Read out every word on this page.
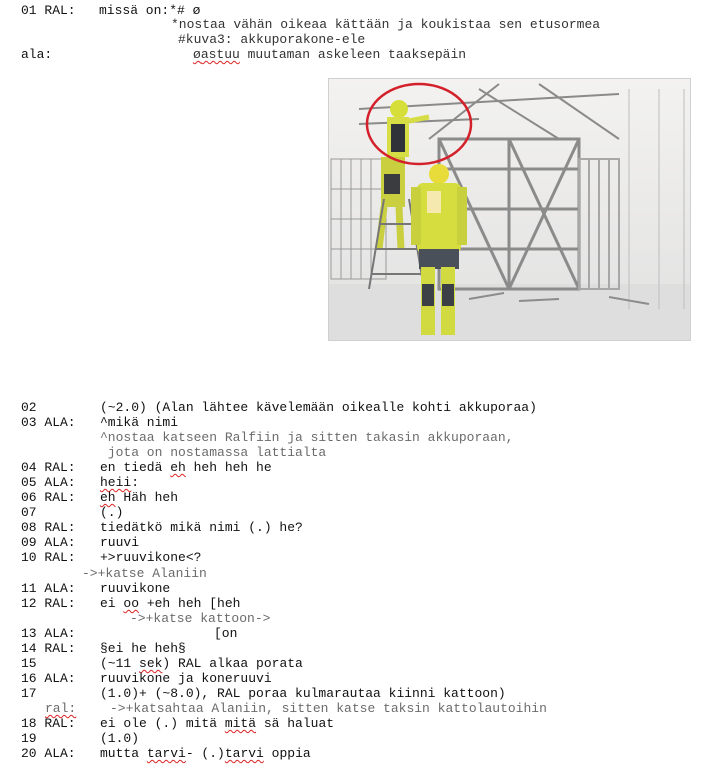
01 RAL: missä on:*# ø
*nostaa vähän oikeaa kättään ja koukistaa sen etusormea
#kuva3: akkuporakone-ele
ala:	øastuu muutaman askeleen taaksepäin
02	(~2.0) (Alan lähtee kävelemään oikealle kohti akkuporaa)
03 ALA: ^mikä nimi
^nostaa katseen Ralfiin ja sitten takasin akkuporaan,
jota on nostamassa lattialta
04 RAL: en tiedä eh heh heh he
05 ALA: heii:
06 RAL: eh Häh heh
07	(.)
08 RAL: tiedätkö mikä nimi (.) he?
09 ALA: ruuvi
10 RAL: +>ruuvikone<?
->+katse Alaniin
11 ALA: ruuvikone
12 RAL: ei oo +eh heh [heh
->+katse kattoon->
13 ALA:	[on
14 RAL: §ei he heh§
15	(~11 sek) RAL alkaa porata
16 ALA: ruuvikone ja koneruuvi
17	(1.0)+ (~8.0), RAL poraa kulmarautaa kiinni kattoon)
ral:	->+katsahtaa Alaniin, sitten katse taksin kattolautoihin
18 RAL: ei ole (.) mitä mitä sä haluat
19	(1.0)
20 ALA: mutta tarvi- (.)tarvi oppia
